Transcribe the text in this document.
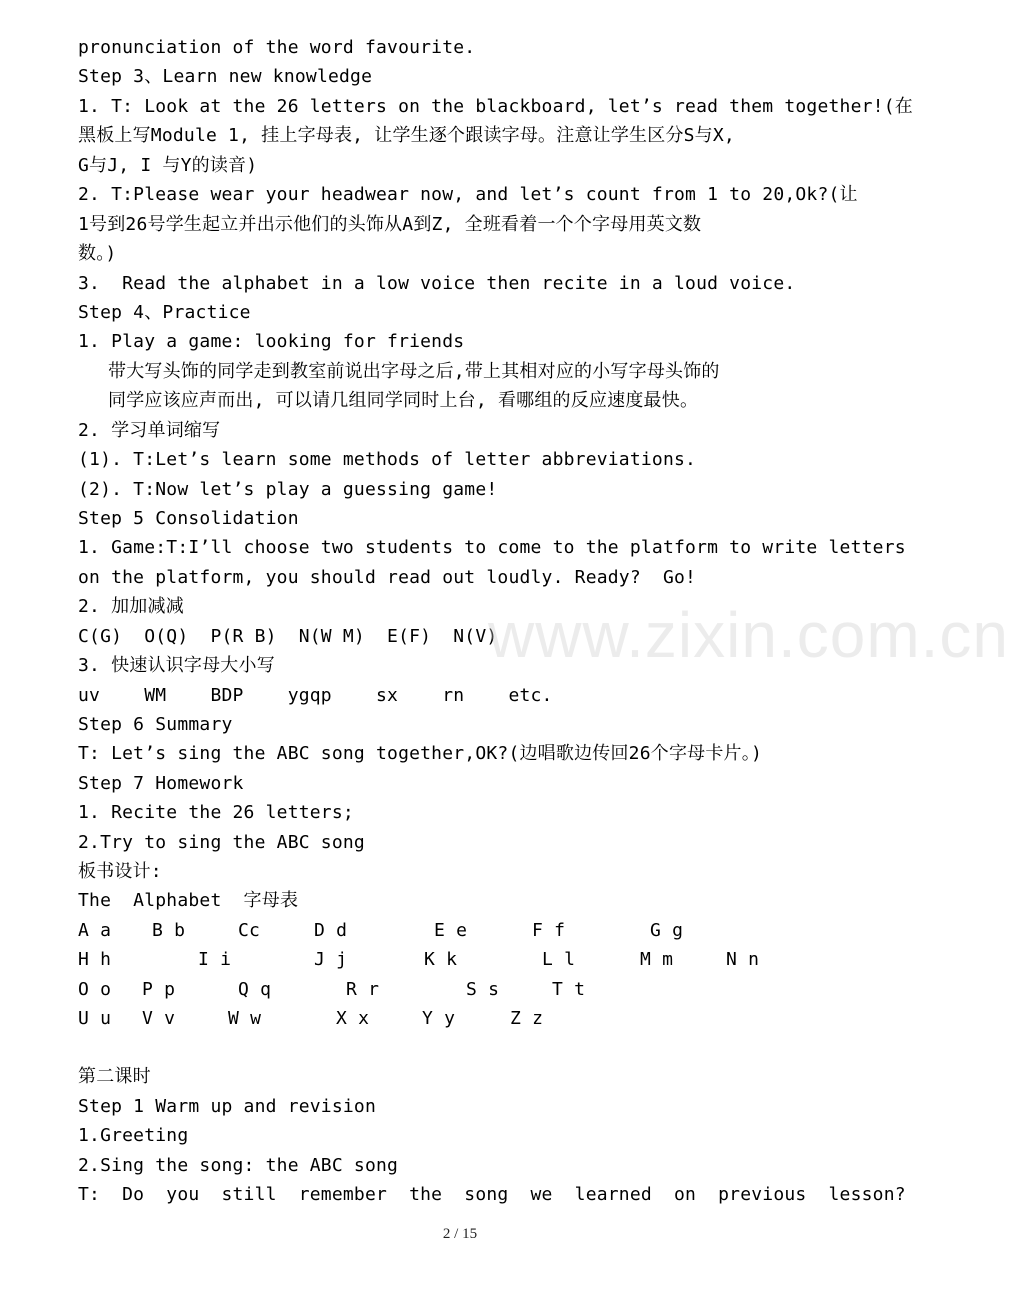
pronunciation of the word favourite.
Step 3、Learn new knowledge
1. T: Look at the 26 letters on the blackboard, let’s read them together!(在
黑板上写Module 1, 挂上字母表, 让学生逐个跟读字母。注意让学生区分S与X,
G与J, I 与Y的读音)
2. T:Please wear your headwear now, and let’s count from 1 to 20,Ok?(让
1号到26号学生起立并出示他们的头饰从A到Z, 全班看着一个个字母用英文数
数。)
3.  Read the alphabet in a low voice then recite in a loud voice.
Step 4、Practice
1. Play a game: looking for friends
带大写头饰的同学走到教室前说出字母之后,带上其相对应的小写字母头饰的
同学应该应声而出, 可以请几组同学同时上台, 看哪组的反应速度最快。
2. 学习单词缩写
(1). T:Let’s learn some methods of letter abbreviations.
(2). T:Now let’s play a guessing game!
Step 5 Consolidation
1. Game:T:I’ll choose two students to come to the platform to write letters
on the platform, you should read out loudly. Ready?  Go!
2. 加加减减
C(G)  O(Q)  P(R B)  N(W M)  E(F)  N(V)
3. 快速认识字母大小写
uv    WM    BDP    ygqp    sx    rn    etc.
Step 6 Summary
T: Let’s sing the ABC song together,OK?(边唱歌边传回26个字母卡片。)
Step 7 Homework
1. Recite the 26 letters;
2.Try to sing the ABC song
板书设计:
The  Alphabet  字母表

A a

B b

	Cc

	D d

	E e

	F f

	G g

H h

	I i

	J j

	K k

	L l

	M m

	N n

O o

P p

	Q q

	R r

	S s

	T t

U u

V v

	W w

	X x

	Y y

	Z z

第二课时
Step 1 Warm up and revision
1.Greeting
2.Sing the song: the ABC song
T:  Do  you  still  remember  the  song  we  learned  on  previous  lesson?
www.zixin.com.cn
2 / 15
